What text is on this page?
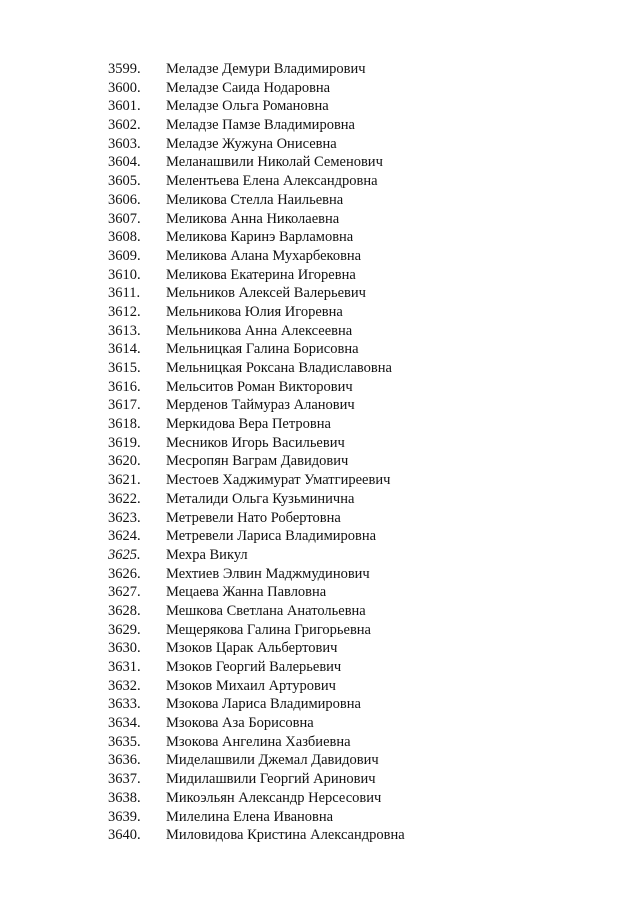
3599.	Меладзе Демури Владимирович
3600.	Меладзе Саида Нодаровна
3601.	Меладзе Ольга Романовна
3602.	Меладзе Памзе Владимировна
3603.	Меладзе Жужуна Онисевна
3604.	Меланашвили Николай Семенович
3605.	Мелентьева Елена Александровна
3606.	Меликова Стелла Наильевна
3607.	Меликова Анна Николаевна
3608.	Меликова Каринэ Варламовна
3609.	Меликова Алана Мухарбековна
3610.	Меликова Екатерина Игоревна
3611.	Мельников Алексей Валерьевич
3612.	Мельникова Юлия Игоревна
3613.	Мельникова Анна Алексеевна
3614.	Мельницкая Галина Борисовна
3615.	Мельницкая Роксана Владиславовна
3616.	Мельситов Роман Викторович
3617.	Мерденов Таймураз Аланович
3618.	Меркидова Вера Петровна
3619.	Месников Игорь Васильевич
3620.	Месропян Ваграм Давидович
3621.	Местоев Хаджимурат Уматгиреевич
3622.	Металиди Ольга Кузьминична
3623.	Метревели Нато Робертовна
3624.	Метревели Лариса Владимировна
3625.	Мехра Викул
3626.	Мехтиев Элвин Маджмудинович
3627.	Мецаева Жанна Павловна
3628.	Мешкова Светлана Анатольевна
3629.	Мещерякова Галина Григорьевна
3630.	Мзоков Царак Альбертович
3631.	Мзоков Георгий Валерьевич
3632.	Мзоков Михаил Артурович
3633.	Мзокова Лариса Владимировна
3634.	Мзокова Аза Борисовна
3635.	Мзокова Ангелина Хазбиевна
3636.	Миделашвили Джемал Давидович
3637.	Мидилашвили Георгий Аринович
3638.	Микоэльян Александр Нерсесович
3639.	Милелина Елена Ивановна
3640.	Миловидова Кристина Александровна
